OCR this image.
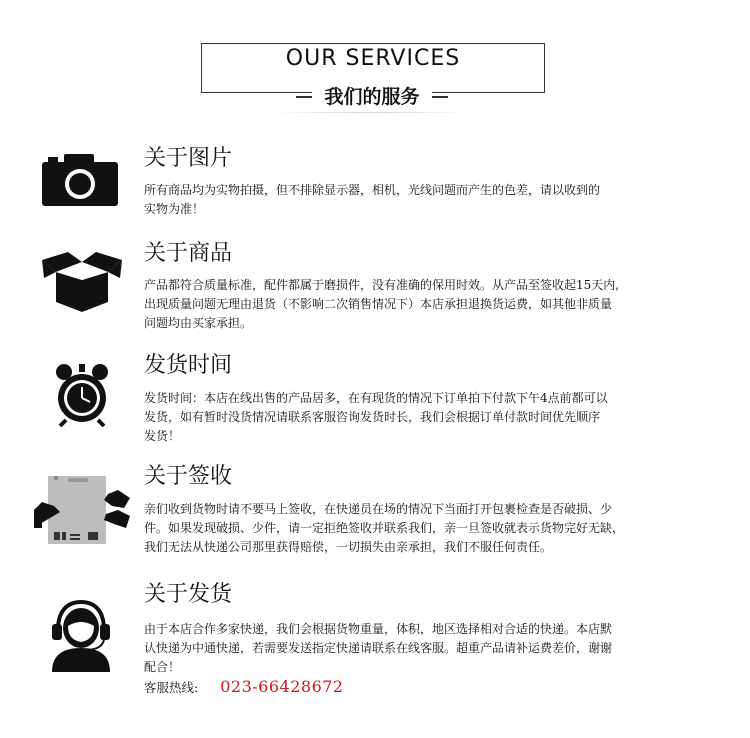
OUR SERVICES
我们的服务
关于图片
所有商品均为实物拍摄，但不排除显示器，相机，光线问题而产生的色差，请以收到的
实物为准！
关于商品
产品都符合质量标准，配件都属于磨损件，没有准确的保用时效。从产品至签收起15天内,
出现质量问题无理由退货（不影响二次销售情况下）本店承担退换货运费，如其他非质量
问题均由买家承担。
发货时间
发货时间：本店在线出售的产品居多，在有现货的情况下订单拍下付款下午4点前都可以
发货，如有暂时没货情况请联系客服咨询发货时长，我们会根据订单付款时间优先顺序
发货！
关于签收
亲们收到货物时请不要马上签收，在快递员在场的情况下当面打开包裹检查是否破损、少
件。如果发现破损、少件，请一定拒绝签收并联系我们，亲一旦签收就表示货物完好无缺，
我们无法从快递公司那里获得赔偿，一切损失由亲承担，我们不服任何责任。
关于发货
由于本店合作多家快递，我们会根据货物重量，体积，地区选择相对合适的快递。本店默
认快递为中通快递，若需要发送指定快递请联系在线客服。超重产品请补运费差价，谢谢
配合！
客服热线: 023-66428672
